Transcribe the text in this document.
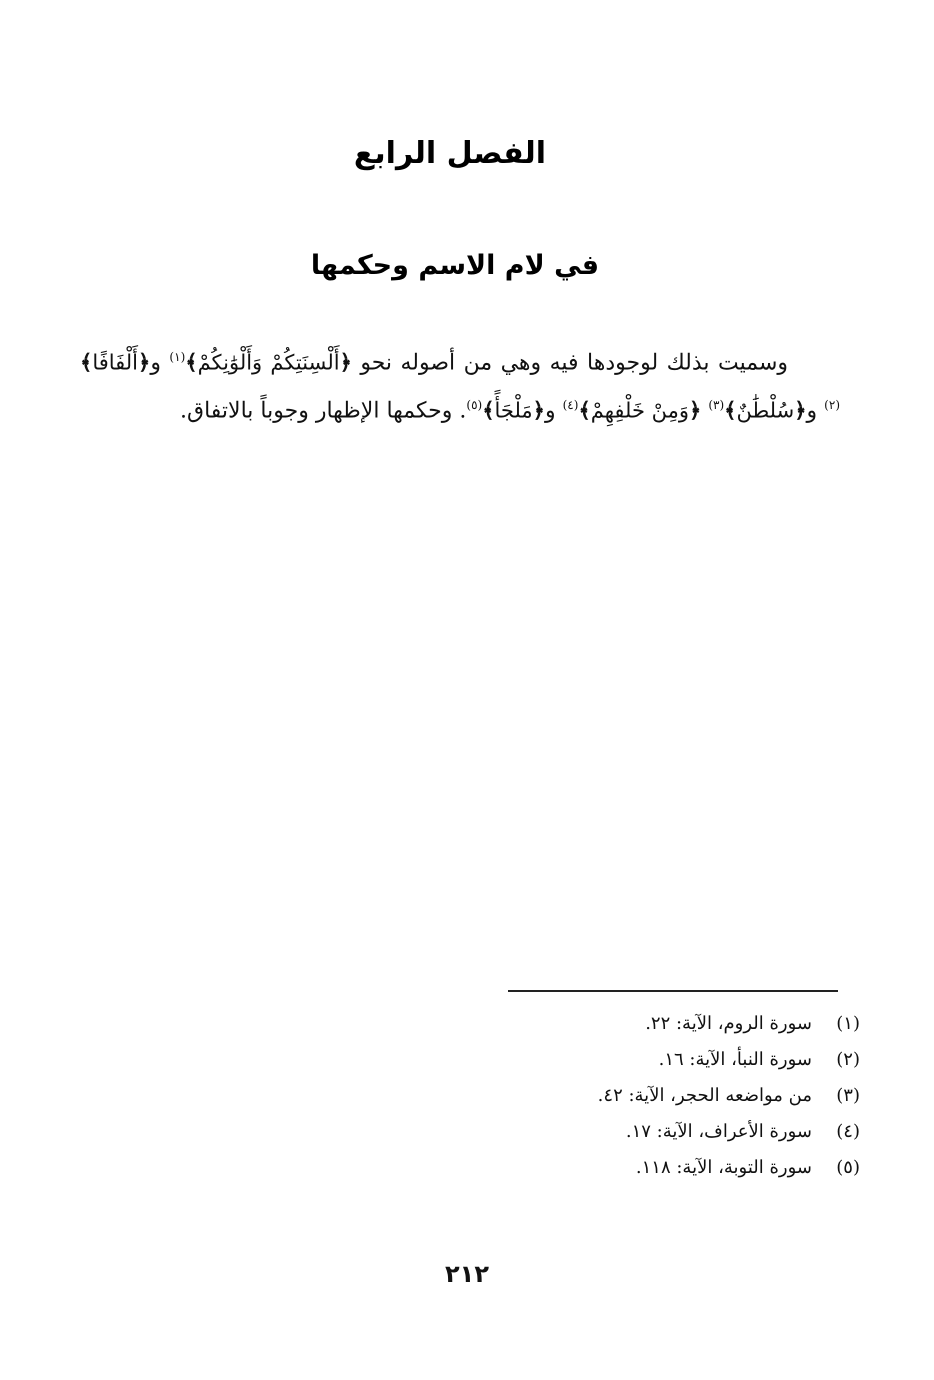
الفصل الرابع
في لام الاسم وحكمها

وسميت بذلك لوجودها فيه وهي من أصوله نحو ﴿أَلْسِنَتِكُمْ وَأَلْوَٰنِكُمْ﴾$^{(١)}$ و﴿أَلْفَافًا﴾$^{(٢)}$ و﴿سُلْطَٰنٌ﴾$^{(٣)}$ ﴿وَمِنْ خَلْفِهِمْ﴾$^{(٤)}$ و﴿مَلْجَأً﴾$^{(٥)}$. وحكمها الإظهار وجوباً بالاتفاق.

(١)سورة الروم، الآية: ٢٢.
(٢)سورة النبأ، الآية: ١٦.
(٣)من مواضعه الحجر، الآية: ٤٢.
(٤)سورة الأعراف، الآية: ١٧.
(٥)سورة التوبة، الآية: ١١٨.
٢١٢
